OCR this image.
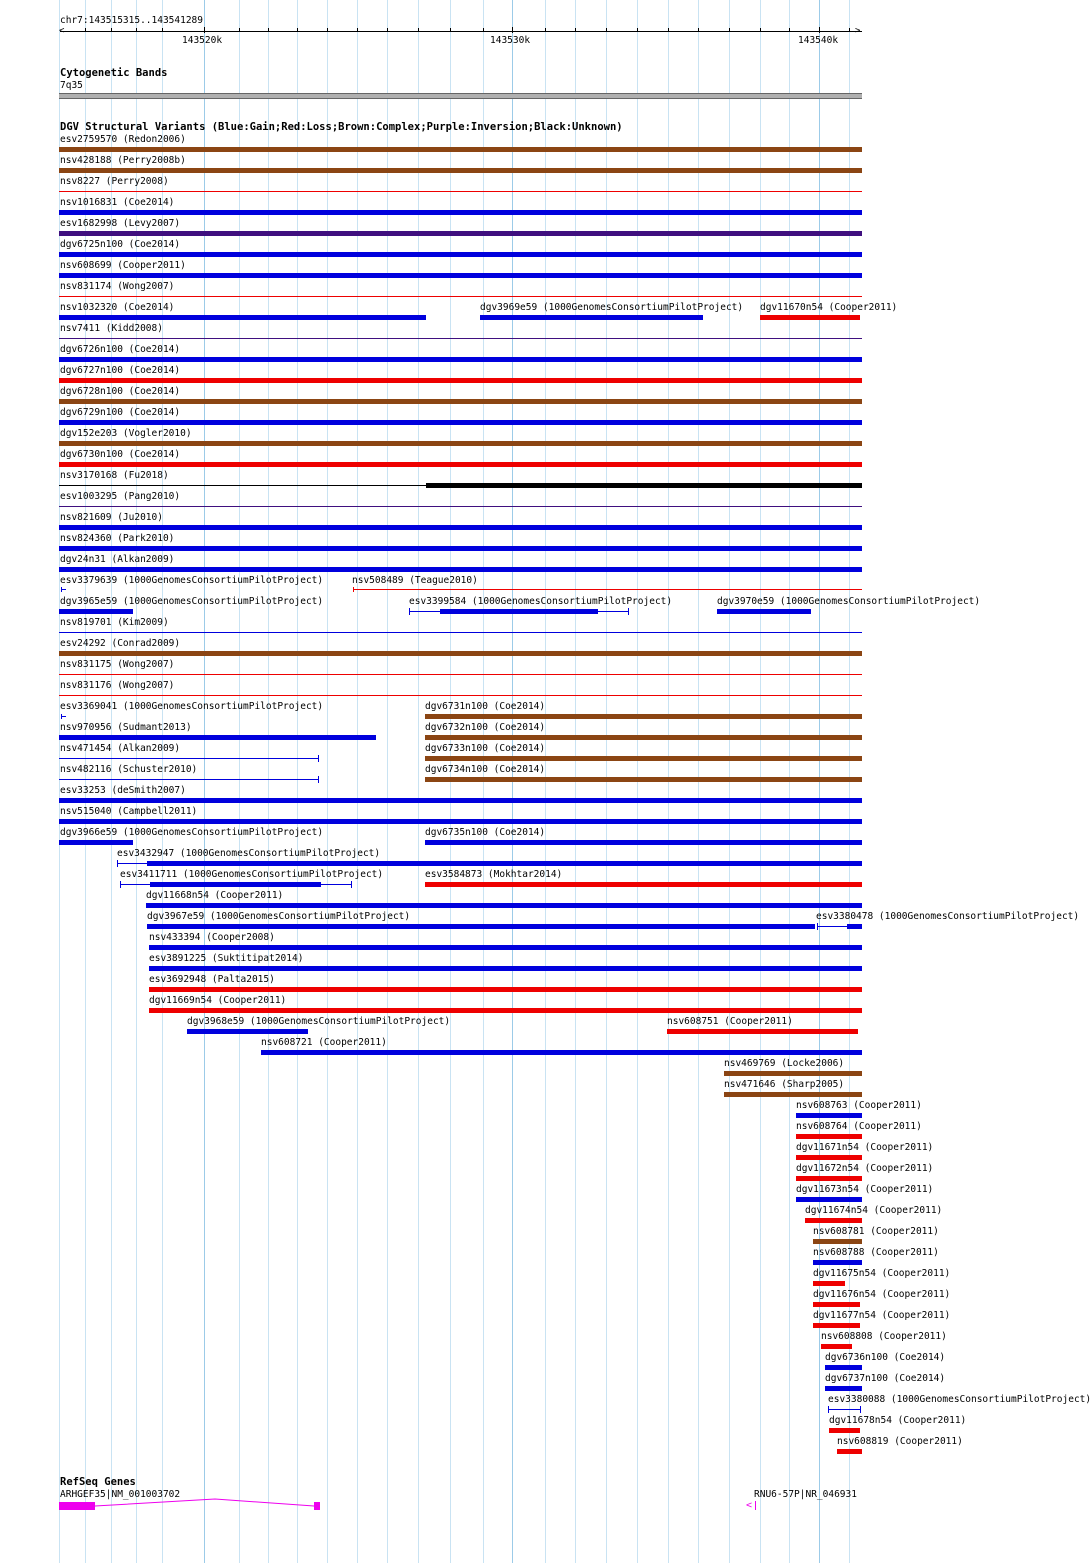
chr7:143515315..143541289
<	>
143520k	143530k	143540k
Cytogenetic Bands
7q35
DGV Structural Variants (Blue:Gain;Red:Loss;Brown:Complex;Purple:Inversion;Black:Unknown)
esv2759570 (Redon2006)
nsv428188 (Perry2008b)
nsv8227 (Perry2008)
nsv1016831 (Coe2014)
esv1682998 (Levy2007)
dgv6725n100 (Coe2014)
nsv608699 (Cooper2011)
nsv831174 (Wong2007)
nsv1032320 (Coe2014)	dgv3969e59 (1000GenomesConsortiumPilotProject) dgv11670n54 (Cooper2011)
nsv7411 (Kidd2008)
dgv6726n100 (Coe2014)
dgv6727n100 (Coe2014)
dgv6728n100 (Coe2014)
dgv6729n100 (Coe2014)
dgv152e203 (Vogler2010)
dgv6730n100 (Coe2014)
nsv3170168 (Fu2018)
esv1003295 (Pang2010)
nsv821609 (Ju2010)
nsv824360 (Park2010)
dgv24n31 (Alkan2009)
esv3379639 (1000GenomesConsortiumPilotProject)	nsv508489 (Teague2010)
dgv3965e59 (1000GenomesConsortiumPilotProject)	esv3399584 (1000GenomesConsortiumPilotProject)	dgv3970e59 (1000GenomesConsortiumPilotProject)
nsv819701 (Kim2009)
esv24292 (Conrad2009)
nsv831175 (Wong2007)
nsv831176 (Wong2007)
esv3369041 (1000GenomesConsortiumPilotProject)	dgv6731n100 (Coe2014)
nsv970956 (Sudmant2013)	dgv6732n100 (Coe2014)
nsv471454 (Alkan2009)	dgv6733n100 (Coe2014)
nsv482116 (Schuster2010)	dgv6734n100 (Coe2014)
esv33253 (deSmith2007)
nsv515040 (Campbell2011)
dgv3966e59 (1000GenomesConsortiumPilotProject)	dgv6735n100 (Coe2014)
esv3432947 (1000GenomesConsortiumPilotProject)
esv3411711 (1000GenomesConsortiumPilotProject)	esv3584873 (Mokhtar2014)
dgv11668n54 (Cooper2011)
dgv3967e59 (1000GenomesConsortiumPilotProject)	esv3380478 (1000GenomesConsortiumPilotProject)
nsv433394 (Cooper2008)
esv3891225 (Suktitipat2014)
esv3692948 (Palta2015)
dgv11669n54 (Cooper2011)
dgv3968e59 (1000GenomesConsortiumPilotProject)	nsv608751 (Cooper2011)
nsv608721 (Cooper2011)
nsv469769 (Locke2006)
nsv471646 (Sharp2005)
nsv608763 (Cooper2011)
nsv608764 (Cooper2011)
dgv11671n54 (Cooper2011)
dgv11672n54 (Cooper2011)
dgv11673n54 (Cooper2011)
dgv11674n54 (Cooper2011)
nsv608781 (Cooper2011)
nsv608788 (Cooper2011)
dgv11675n54 (Cooper2011)
dgv11676n54 (Cooper2011)
dgv11677n54 (Cooper2011)
nsv608808 (Cooper2011)
dgv6736n100 (Coe2014)
dgv6737n100 (Coe2014)
esv3380088 (1000GenomesConsortiumPilotProject)
dgv11678n54 (Cooper2011)
nsv608819 (Cooper2011)
RefSeq Genes
ARHGEF35|NM_001003702	RNU6-57P|NR_046931
<
